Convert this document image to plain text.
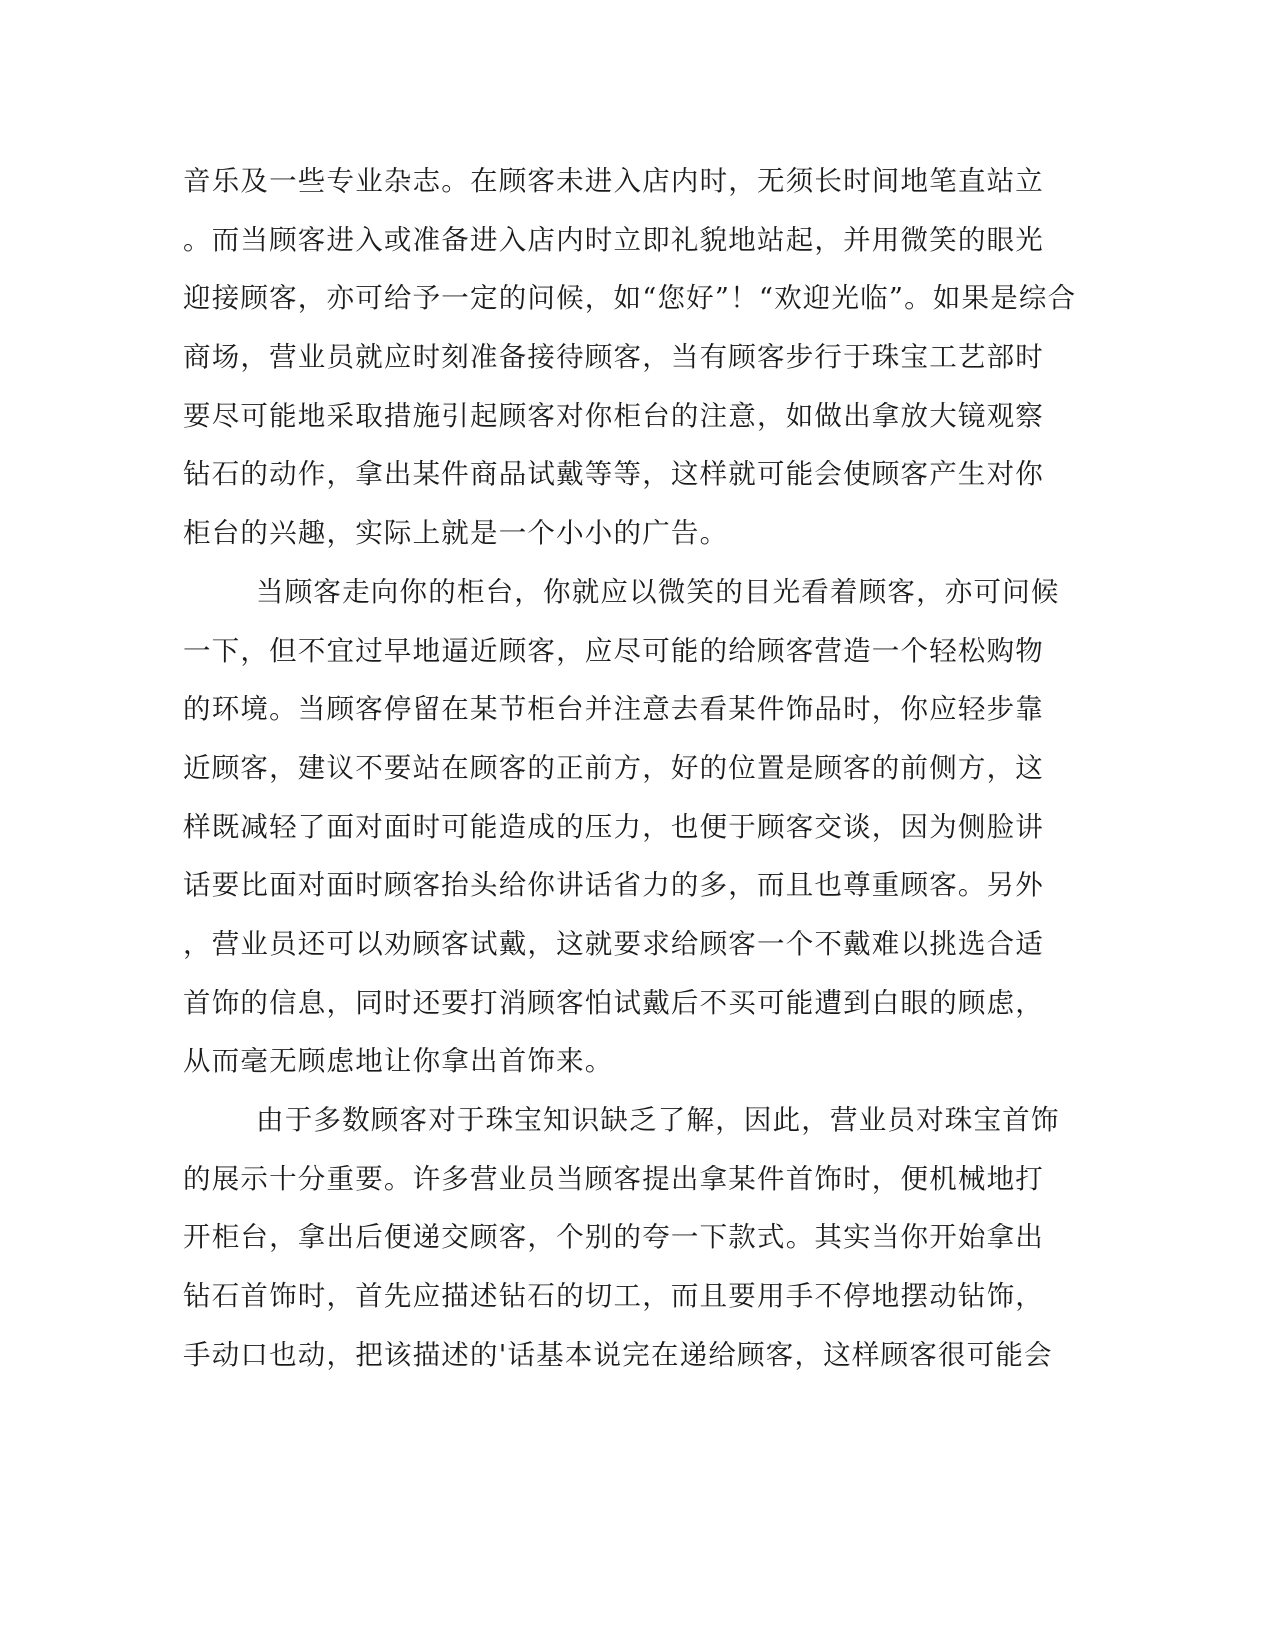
音乐及一些专业杂志。在顾客未进入店内时，无须长时间地笔直站立
。而当顾客进入或准备进入店内时立即礼貌地站起，并用微笑的眼光
迎接顾客，亦可给予一定的问候，如“您好”！“欢迎光临”。如果是综合
商场，营业员就应时刻准备接待顾客，当有顾客步行于珠宝工艺部时
要尽可能地采取措施引起顾客对你柜台的注意，如做出拿放大镜观察
钻石的动作，拿出某件商品试戴等等，这样就可能会使顾客产生对你
柜台的兴趣，实际上就是一个小小的广告。
当顾客走向你的柜台，你就应以微笑的目光看着顾客，亦可问候
一下，但不宜过早地逼近顾客，应尽可能的给顾客营造一个轻松购物
的环境。当顾客停留在某节柜台并注意去看某件饰品时，你应轻步靠
近顾客，建议不要站在顾客的正前方，好的位置是顾客的前侧方，这
样既减轻了面对面时可能造成的压力，也便于顾客交谈，因为侧脸讲
话要比面对面时顾客抬头给你讲话省力的多，而且也尊重顾客。另外
，营业员还可以劝顾客试戴，这就要求给顾客一个不戴难以挑选合适
首饰的信息，同时还要打消顾客怕试戴后不买可能遭到白眼的顾虑，
从而毫无顾虑地让你拿出首饰来。
由于多数顾客对于珠宝知识缺乏了解，因此，营业员对珠宝首饰
的展示十分重要。许多营业员当顾客提出拿某件首饰时，便机械地打
开柜台，拿出后便递交顾客，个别的夸一下款式。其实当你开始拿出
钻石首饰时，首先应描述钻石的切工，而且要用手不停地摆动钻饰，
手动口也动，把该描述的'话基本说完在递给顾客，这样顾客很可能会
